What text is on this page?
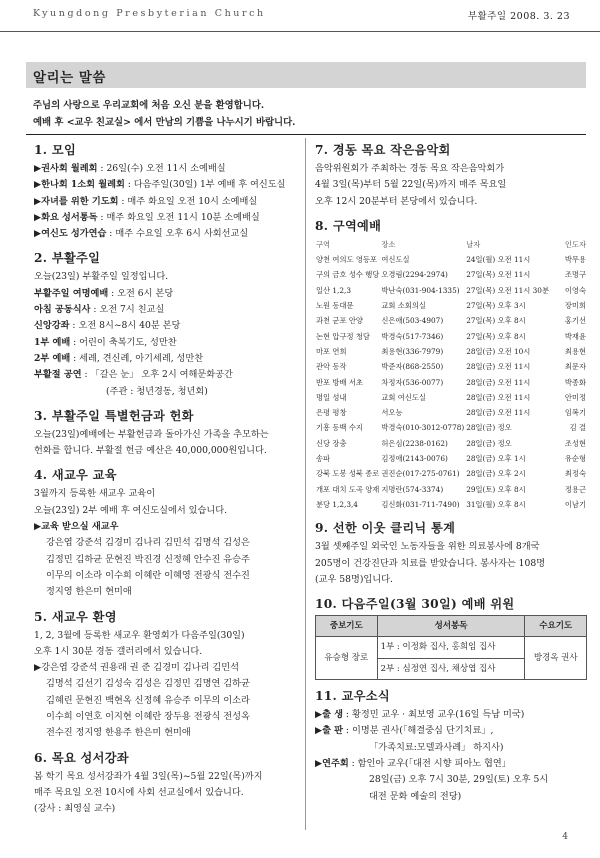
Kyungdong Presbyterian Church	부활주일 2008. 3. 23
알리는 말씀
주님의 사랑으로 우리교회에 처음 오신 분을 환영합니다.
예배 후 <교우 친교실> 에서 만남의 기쁨을 나누시기 바랍니다.
1. 모임
▶권사회 월례회 : 26일(수) 오전 11시 소예배실
▶한나회 1소회 월례회 : 다음주일(30일) 1부 예배 후 여신도실
▶자녀를 위한 기도회 : 매주 화요일 오전 10시 소예배실
▶화요 성서통독 : 매주 화요일 오전 11시 10분 소예배실
▶여신도 성가연습 : 매주 수요일 오후 6시 사회선교실
2. 부활주일
오늘(23일) 부활주일 일정입니다.
부활주일 여명예배 : 오전 6시 본당
아침 공동식사 : 오전 7시 친교실
신앙강좌 : 오전 8시~8시 40분 본당
1부 예배 : 어린이 축복기도, 성만찬
2부 예배 : 세례, 견신례, 아기세례, 성만찬
부활절 공연 : 「갈은 눈」 오후 2시 여해문화공간
(주관 : 청년경동, 청년회)
3. 부활주일 특별헌금과 헌화
오늘(23일)예배에는 부활헌금과 돌아가신 가족을 추모하는
헌화를 합니다. 부활절 헌금 예산은 40,000,000원입니다.
4. 새교우 교육
3월까지 등록한 새교우 교육이
오늘(23일) 2부 예배 후 여신도실에서 있습니다.
▶교육 받으실 새교우
강은엽 강준석 김경미 김나리 김민석 김명석 김성은
김정민 김하균 문현진 박진경 신정혜 안수진 유승주
이무의 이소라 이수희 이혜란 이혜영 전광식 전수진
정지영 한은미 현미애
5. 새교우 환영
1, 2, 3월에 등록한 새교우 환영회가 다음주일(30일)
오후 1시 30분 경동 갤러리에서 있습니다.
▶강은엽 강준석 권용래 권 준 김경미 김나리 김민석
김명석 김선기 김성숙 김성은 김정민 김명연 김하균
김혜린 문현진 백현옥 신정혜 유승주 이무의 이소라
이수희 이연호 이지현 이혜란 장두용 전광식 전성옥
전수진 정지영 한용주 한은미 현미애
6. 목요 성서강좌
봄 학기 목요 성서강좌가 4월 3일(목)~5월 22일(목)까지
매주 목요일 오전 10시에 사회 선교실에서 있습니다.
(강사 : 최영실 교수)
7. 경동 목요 작은음악회
음악위원회가 주최하는 경동 목요 작은음악회가
4월 3일(목)부터 5월 22일(목)까지 매주 목요일
오후 12시 20분부터 본당에서 있습니다.
8. 구역예배
구역	장소	날자	인도자
양천 여의도 영등포	여신도실	24일(월) 오전 11시	박무용
구의 금호 성수 행당	오경림(2294-2974)	27일(목) 오전 11시	조명구
일산 1,2,3	박난숙(031-904-1335)	27일(목) 오전 11시 30분	이영숙
노원 동대문	교회 소회의실	27일(목) 오후 3시	장미희
과천 군포 안양	신은애(503-4907)	27일(목) 오후 8시	홍기선
논현 압구정 청담	박경숙(517-7346)	27일(목) 오후 8시	박재윤
마포 연희	최용현(336-7979)	28일(금) 오전 10시	최용현
관악 동작	박준자(868-2550)	28일(금) 오전 11시	최문자
반포 방배 서초	차정자(536-0077)	28일(금) 오전 11시	박종화
명일 성내	교회 여신도실	28일(금) 오전 11시	안미정
은평 평창	서오능	28일(금) 오전 11시	임복기
기흥 동백 수지	박경숙(010-3012-0778)	28일(금) 정오	김 결
신당 장충	허은심(2238-0162)	28일(금) 정오	조성현
송파	김정애(2143-0076)	28일(금) 오후 1시	유순형
강북 도봉 성북 종로	권진순(017-275-0761)	28일(금) 오후 2시	최정숙
개포 대치 도곡 양재	지명란(574-3374)	29일(토) 오후 8시	정용근
분당 1,2,3,4	김신화(031-711-7490)	31일(월) 오후 8시	이남기
9. 선한 이웃 클리닉 통계
3월 셋째주일 외국인 노동자들을 위한 의료봉사에 8개국
205명이 건강진단과 치료를 받았습니다. 봉사자는 108명
(교우 58명)입니다.
10. 다음주일(3월 30일) 예배 위원
중보기도	성서봉독	수요기도
유승형 장로	1부 : 이정화 집사, 홍희임 집사	방경옥 권사
	2부 : 심정연 집사, 채상엽 집사	
11. 교우소식
▶출 생 : 황정민 교우 · 최보영 교우(16일 득남 미국)
▶출 판 : 이명분 권사(「해결중심 단기치료」,
「가족치료:모델과사례」 하지사)
▶연주회 : 함인아 교우(「대전 시향 피아노 협연」
28일(금) 오후 7시 30분, 29일(토) 오후 5시
대전 문화 예술의 전당)
4
